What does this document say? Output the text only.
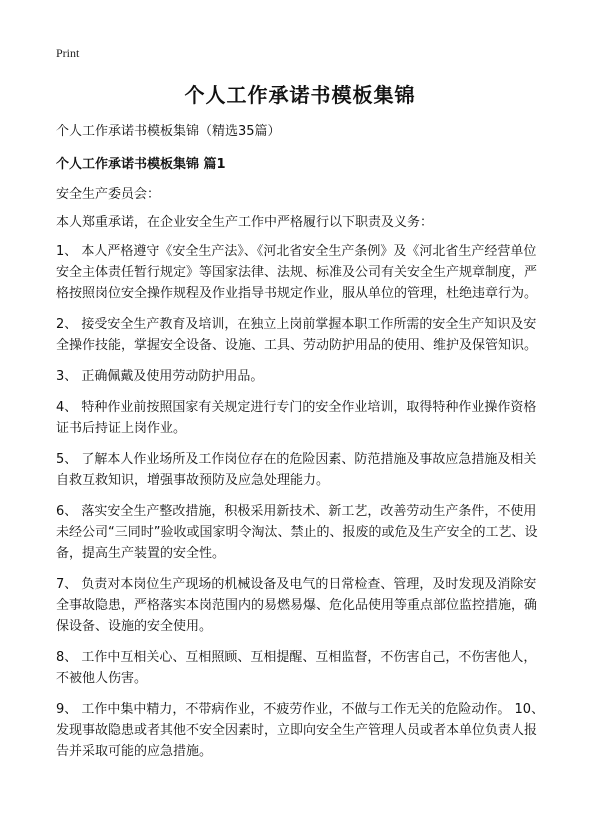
Print
个人工作承诺书模板集锦

个人工作承诺书模板集锦（精选35篇）

个人工作承诺书模板集锦 篇1

安全生产委员会：

本人郑重承诺，在企业安全生产工作中严格履行以下职责及义务：

1、 本人严格遵守《安全生产法》、《河北省安全生产条例》及《河北省生产经营单位安全主体责任暂行规定》等国家法律、法规、标准及公司有关安全生产规章制度，严格按照岗位安全操作规程及作业指导书规定作业，服从单位的管理，杜绝违章行为。

2、 接受安全生产教育及培训，在独立上岗前掌握本职工作所需的安全生产知识及安全操作技能，掌握安全设备、设施、工具、劳动防护用品的使用、维护及保管知识。

3、 正确佩戴及使用劳动防护用品。

4、 特种作业前按照国家有关规定进行专门的安全作业培训，取得特种作业操作资格证书后持证上岗作业。

5、 了解本人作业场所及工作岗位存在的危险因素、防范措施及事故应急措施及相关自救互救知识，增强事故预防及应急处理能力。

6、 落实安全生产整改措施，积极采用新技术、新工艺，改善劳动生产条件，不使用未经公司“三同时”验收或国家明令淘汰、禁止的、报废的或危及生产安全的工艺、设备，提高生产装置的安全性。

7、 负责对本岗位生产现场的机械设备及电气的日常检查、管理，及时发现及消除安全事故隐患，严格落实本岗范围内的易燃易爆、危化品使用等重点部位监控措施，确保设备、设施的安全使用。

8、 工作中互相关心、互相照顾、互相提醒、互相监督，不伤害自己，不伤害他人，不被他人伤害。

9、 工作中集中精力，不带病作业，不疲劳作业，不做与工作无关的危险动作。 10、 发现事故隐患或者其他不安全因素时，立即向安全生产管理人员或者本单位负责人报告并采取可能的应急措施。
